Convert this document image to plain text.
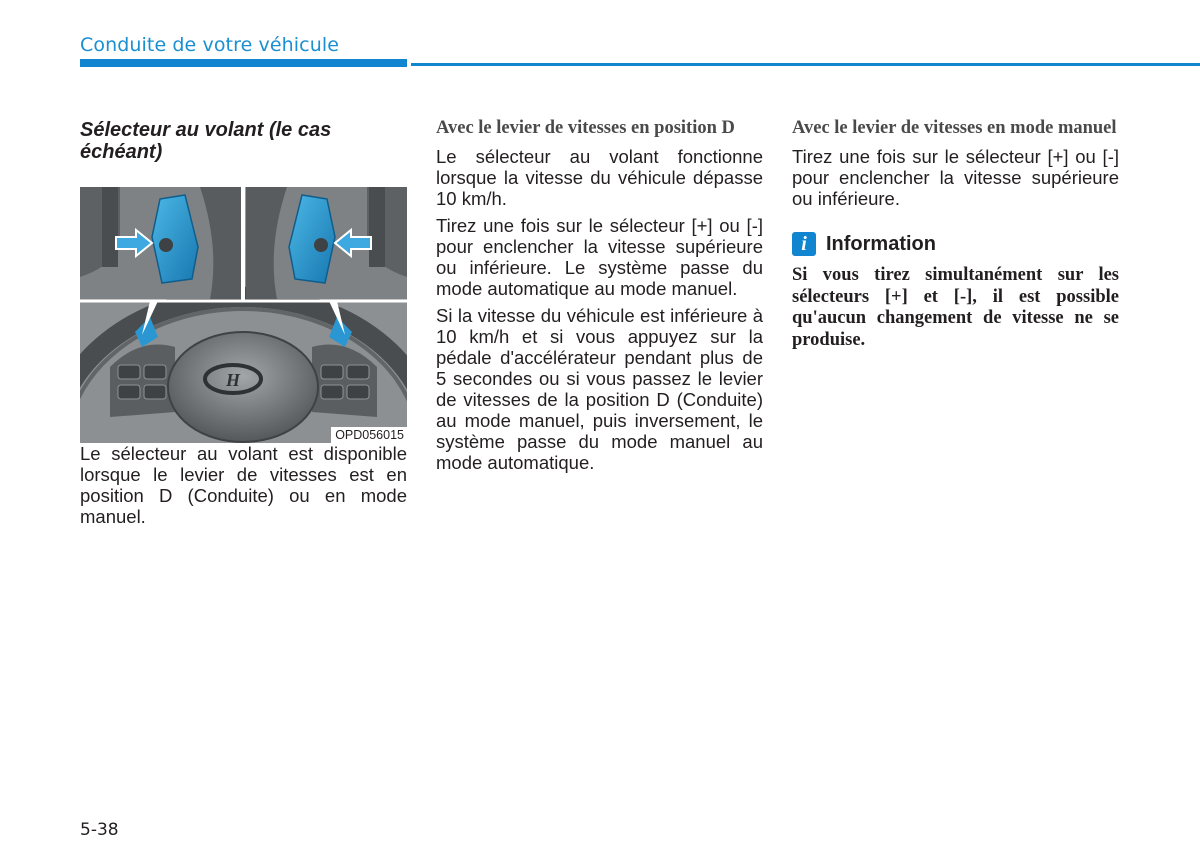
Conduite de votre véhicule
Sélecteur au volant (le cas échéant)
H
OPD056015

Le sélecteur au volant est disponible lorsque le levier de vitesses est en position D (Conduite) ou en mode manuel.

Avec le levier de vitesses en position D

Le sélecteur au volant fonctionne lorsque la vitesse du véhicule dépasse 10 km/h.

Tirez une fois sur le sélecteur [+] ou [-] pour enclencher la vitesse supérieure ou inférieure. Le système passe du mode automatique au mode manuel.

Si la vitesse du véhicule est inférieure à 10 km/h et si vous appuyez sur la pédale d'accélérateur pendant plus de 5 secondes ou si vous passez le levier de vitesses de la position D (Conduite) au mode manuel, puis inversement, le système passe du mode manuel au mode automatique.

Avec le levier de vitesses en mode manuel

Tirez une fois sur le sélecteur [+] ou [-] pour enclencher la vitesse supérieure ou inférieure.

i Information

Si vous tirez simultanément sur les sélecteurs [+] et [-], il est possible qu'aucun changement de vitesse ne se produise.

5-38
